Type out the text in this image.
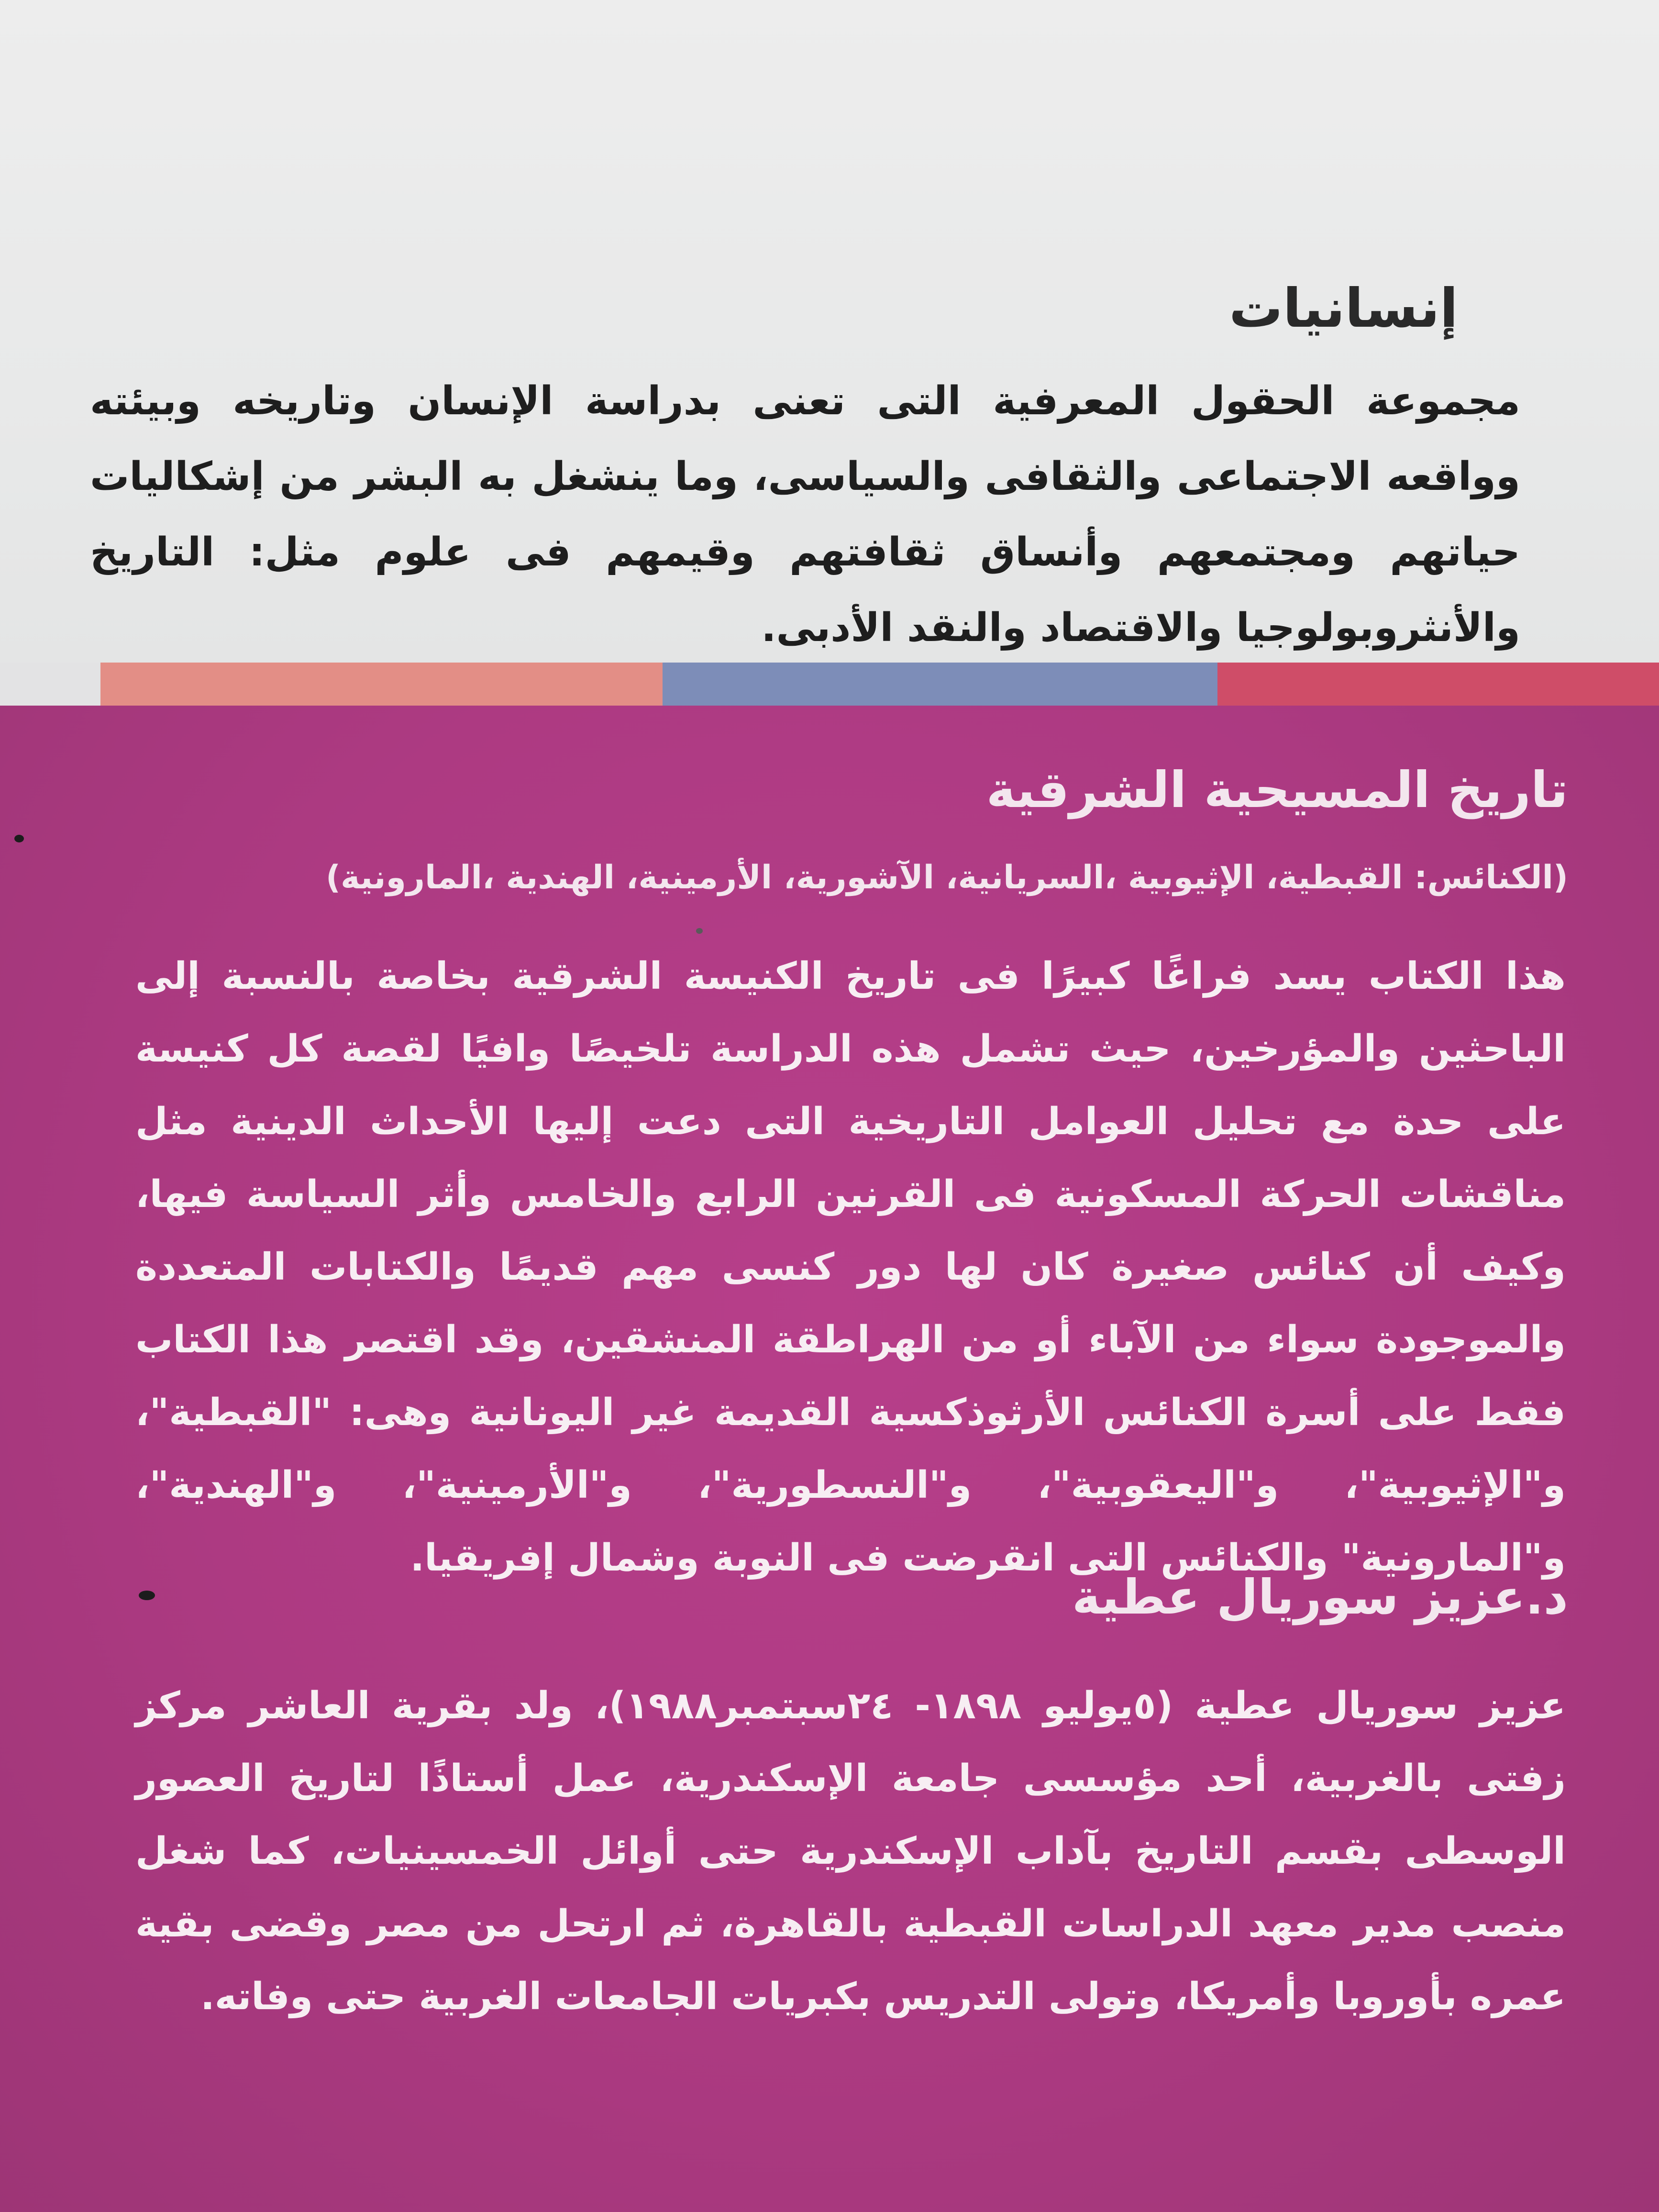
إنسانيات

مجموعة الحقول المعرفية التى تعنى بدراسة الإنسان وتاريخه وبيئته وواقعه الاجتماعى والثقافى والسياسى، وما ينشغل به البشر من إشكاليات حياتهم ومجتمعهم وأنساق ثقافتهم وقيمهم فى علوم مثل: التاريخ والأنثروبولوجيا والاقتصاد والنقد الأدبى.

تاريخ المسيحية الشرقية

(الكنائس: القبطية، الإثيوبية ،السريانية، الآشورية، الأرمينية، الهندية ،المارونية)

هذا الكتاب يسد فراغًا كبيرًا فى تاريخ الكنيسة الشرقية بخاصة بالنسبة إلى الباحثين والمؤرخين، حيث تشمل هذه الدراسة تلخيصًا وافيًا لقصة كل كنيسة على حدة مع تحليل العوامل التاريخية التى دعت إليها الأحداث الدينية مثل مناقشات الحركة المسكونية فى القرنين الرابع والخامس وأثر السياسة فيها، وكيف أن كنائس صغيرة كان لها دور كنسى مهم قديمًا والكتابات المتعددة والموجودة سواء من الآباء أو من الهراطقة المنشقين، وقد اقتصر هذا الكتاب فقط على أسرة الكنائس الأرثوذكسية القديمة غير اليونانية وهى: "القبطية"، و"الإثيوبية"، و"اليعقوبية"، و"النسطورية"، و"الأرمينية"، و"الهندية"، و"المارونية" والكنائس التى انقرضت فى النوبة وشمال إفريقيا.

د.عزيز سوريال عطية

عزيز سوريال عطية (٥يوليو ١٨٩٨- ٢٤سبتمبر١٩٨٨)، ولد بقرية العاشر مركز زفتى بالغربية، أحد مؤسسى جامعة الإسكندرية، عمل أستاذًا لتاريخ العصور الوسطى بقسم التاريخ بآداب الإسكندرية حتى أوائل الخمسينيات، كما شغل منصب مدير معهد الدراسات القبطية بالقاهرة، ثم ارتحل من مصر وقضى بقية عمره بأوروبا وأمريكا، وتولى التدريس بكبريات الجامعات الغربية حتى وفاته.
